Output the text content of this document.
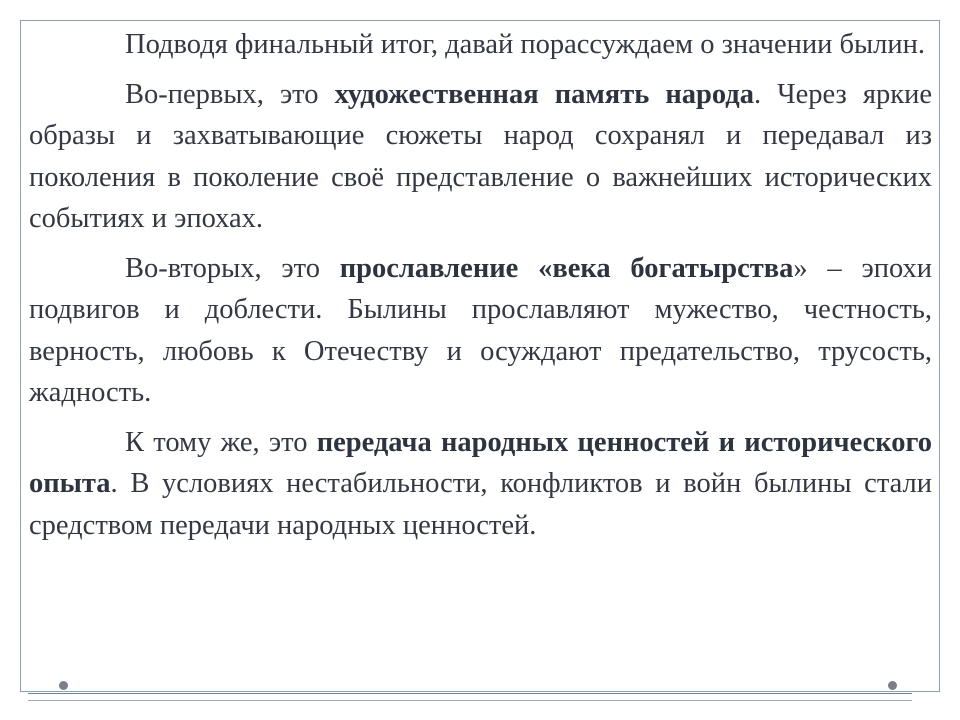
Подводя финальный итог, давай порассуждаем о значении былин.

Во-первых, это художественная память народа. Через яркие образы и захватывающие сюжеты народ сохранял и передавал из поколения в поколение своё представление о важнейших исторических событиях и эпохах.

Во-вторых, это прославление «века богатырства» – эпохи подвигов и доблести. Былины прославляют мужество, честность, верность, любовь к Отечеству и осуждают предательство, трусость, жадность.

К тому же, это передача народных ценностей и исторического опыта. В условиях нестабильности, конфликтов и войн былины стали средством передачи народных ценностей.
